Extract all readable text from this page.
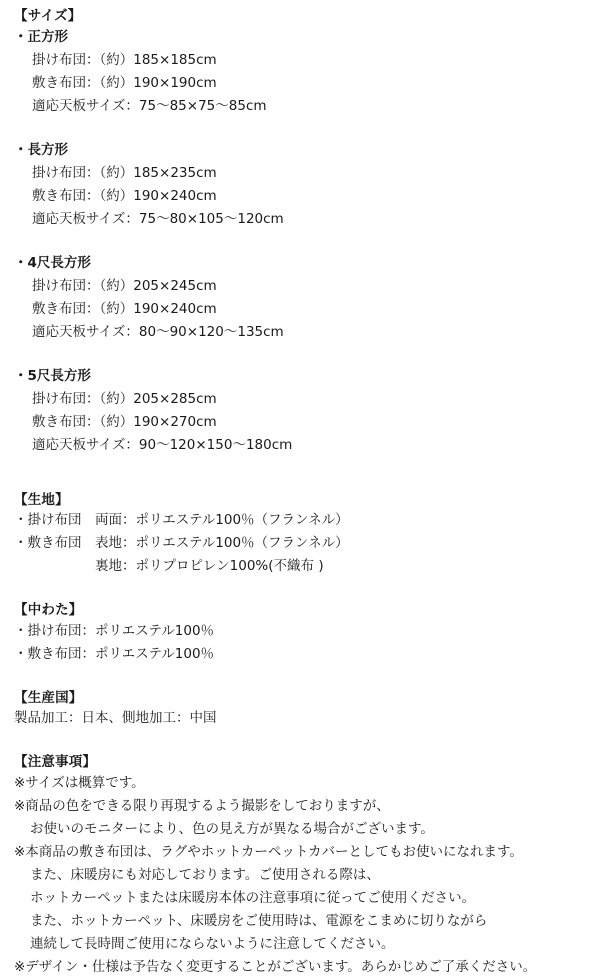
【サイズ】
・正方形
掛け布団：（約）185×185cm
敷き布団：（約）190×190cm
適応天板サイズ：75〜85×75〜85cm
・長方形
掛け布団：（約）185×235cm
敷き布団：（約）190×240cm
適応天板サイズ：75〜80×105〜120cm
・4尺長方形
掛け布団：（約）205×245cm
敷き布団：（約）190×240cm
適応天板サイズ：80〜90×120〜135cm
・5尺長方形
掛け布団：（約）205×285cm
敷き布団：（約）190×270cm
適応天板サイズ：90〜120×150〜180cm
【生地】
・掛け布団　両面：ポリエステル100％（フランネル）
・敷き布団　表地：ポリエステル100％（フランネル）
　　　　　　裏地：ポリプロピレン100%(不織布 )
【中わた】
・掛け布団：ポリエステル100％
・敷き布団：ポリエステル100％
【生産国】
製品加工：日本、側地加工：中国
【注意事項】
※サイズは概算です。
※商品の色をできる限り再現するよう撮影をしておりますが、
お使いのモニターにより、色の見え方が異なる場合がございます。
※本商品の敷き布団は、ラグやホットカーペットカバーとしてもお使いになれます。
また、床暖房にも対応しております。ご使用される際は、
ホットカーペットまたは床暖房本体の注意事項に従ってご使用ください。
また、ホットカーペット、床暖房をご使用時は、電源をこまめに切りながら
連続して長時間ご使用にならないように注意してください。
※デザイン・仕様は予告なく変更することがございます。あらかじめご了承ください。
